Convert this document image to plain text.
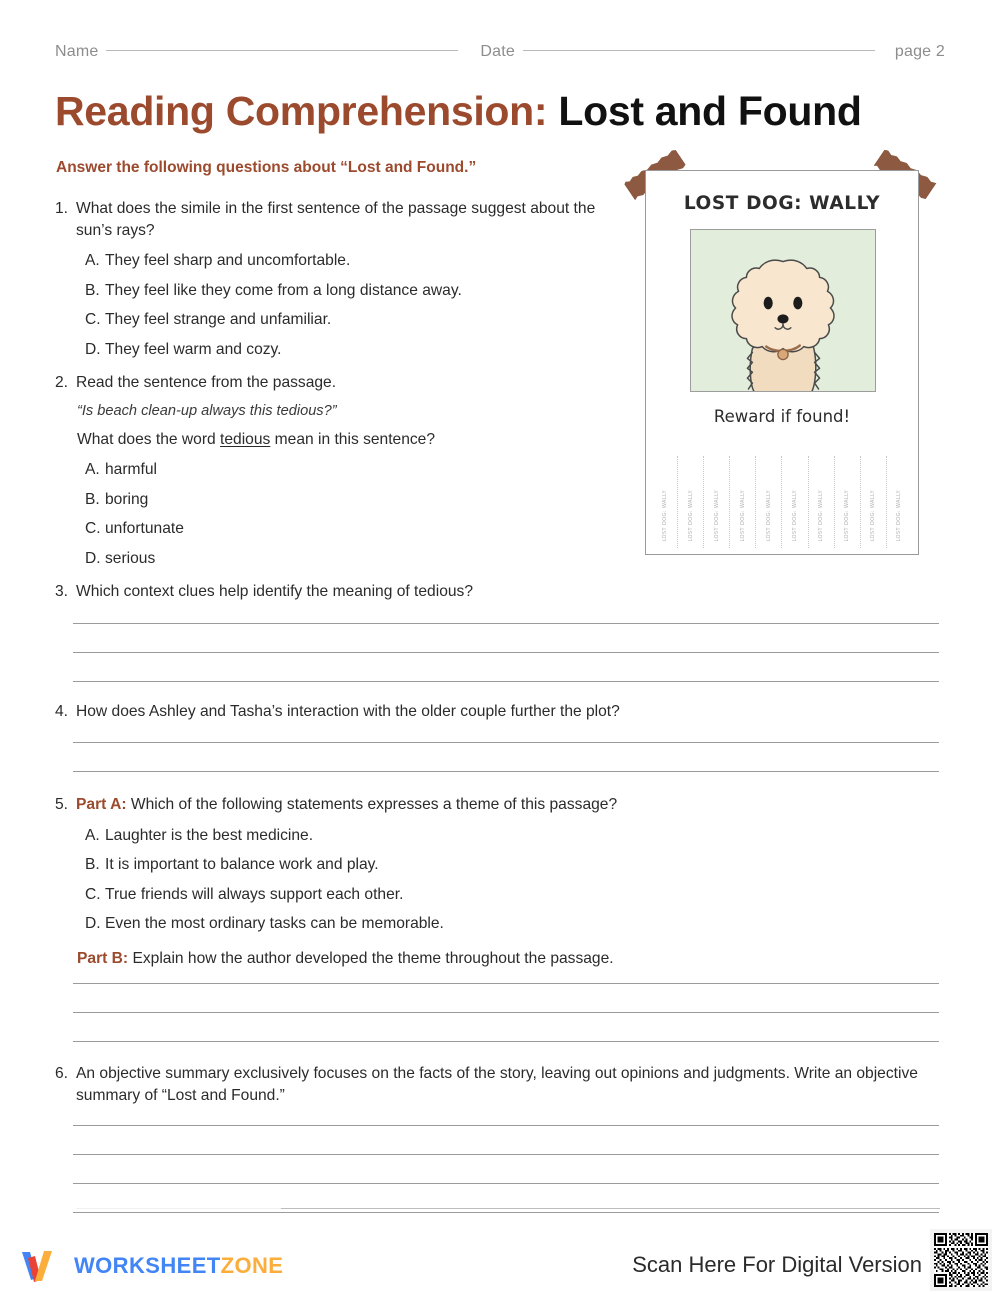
Name	Date	page 2
Reading Comprehension: Lost and Found
Answer the following questions about “Lost and Found.”
1. What does the simile in the first sentence of the passage suggest about the sun’s rays?
A. They feel sharp and uncomfortable.
B. They feel like they come from a long distance away.
C. They feel strange and unfamiliar.
D. They feel warm and cozy.
2. Read the sentence from the passage.
“Is beach clean-up always this tedious?”
What does the word tedious mean in this sentence?
A. harmful
B. boring
C. unfortunate
D. serious
LOST DOG: WALLY
Reward if found!
LOST DOG: WALLY	LOST DOG: WALLY	LOST DOG: WALLY	LOST DOG: WALLY	LOST DOG: WALLY	LOST DOG: WALLY	LOST DOG: WALLY	LOST DOG: WALLY	LOST DOG: WALLY	LOST DOG: WALLY
3. Which context clues help identify the meaning of tedious?
4. How does Ashley and Tasha’s interaction with the older couple further the plot?
5. Part A: Which of the following statements expresses a theme of this passage?
A. Laughter is the best medicine.
B. It is important to balance work and play.
C. True friends will always support each other.
D. Even the most ordinary tasks can be memorable.
Part B: Explain how the author developed the theme throughout the passage.
6. An objective summary exclusively focuses on the facts of the story, leaving out opinions and judgments. Write an objective summary of “Lost and Found.”
WORKSHEETZONE	Scan Here For Digital Version
